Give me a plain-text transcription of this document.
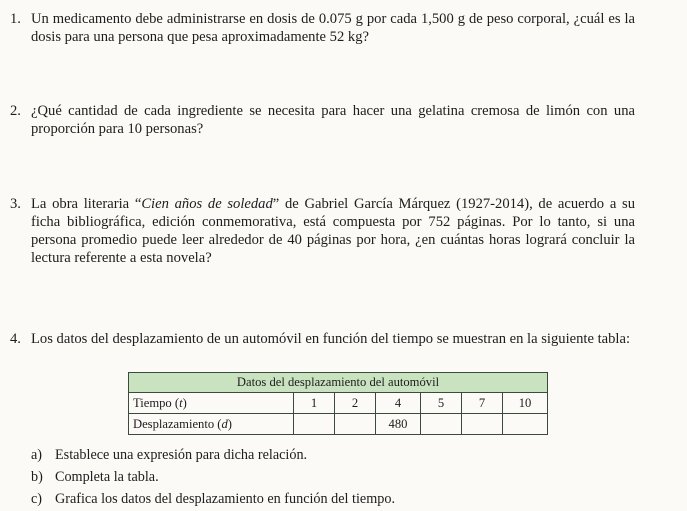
1. Un medicamento debe administrarse en dosis de 0.075 g por cada 1,500 g de peso corporal, ¿cuál es la dosis para una persona que pesa aproximadamente 52 kg?
2. ¿Qué cantidad de cada ingrediente se necesita para hacer una gelatina cremosa de limón con una proporción para 10 personas?
3. La obra literaria “Cien años de soledad” de Gabriel García Márquez (1927-2014), de acuerdo a su ficha bibliográfica, edición conmemorativa, está compuesta por 752 páginas. Por lo tanto, si una persona promedio puede leer alrededor de 40 páginas por hora, ¿en cuántas horas logrará concluir la lectura referente a esta novela?
4. Los datos del desplazamiento de un automóvil en función del tiempo se muestran en la siguiente tabla:
Datos del desplazamiento del automóvil						
Tiempo (t)	1	2	4	5	7	10
Desplazamiento (d)			480			
a) Establece una expresión para dicha relación.
b) Completa la tabla.
c) Grafica los datos del desplazamiento en función del tiempo.
